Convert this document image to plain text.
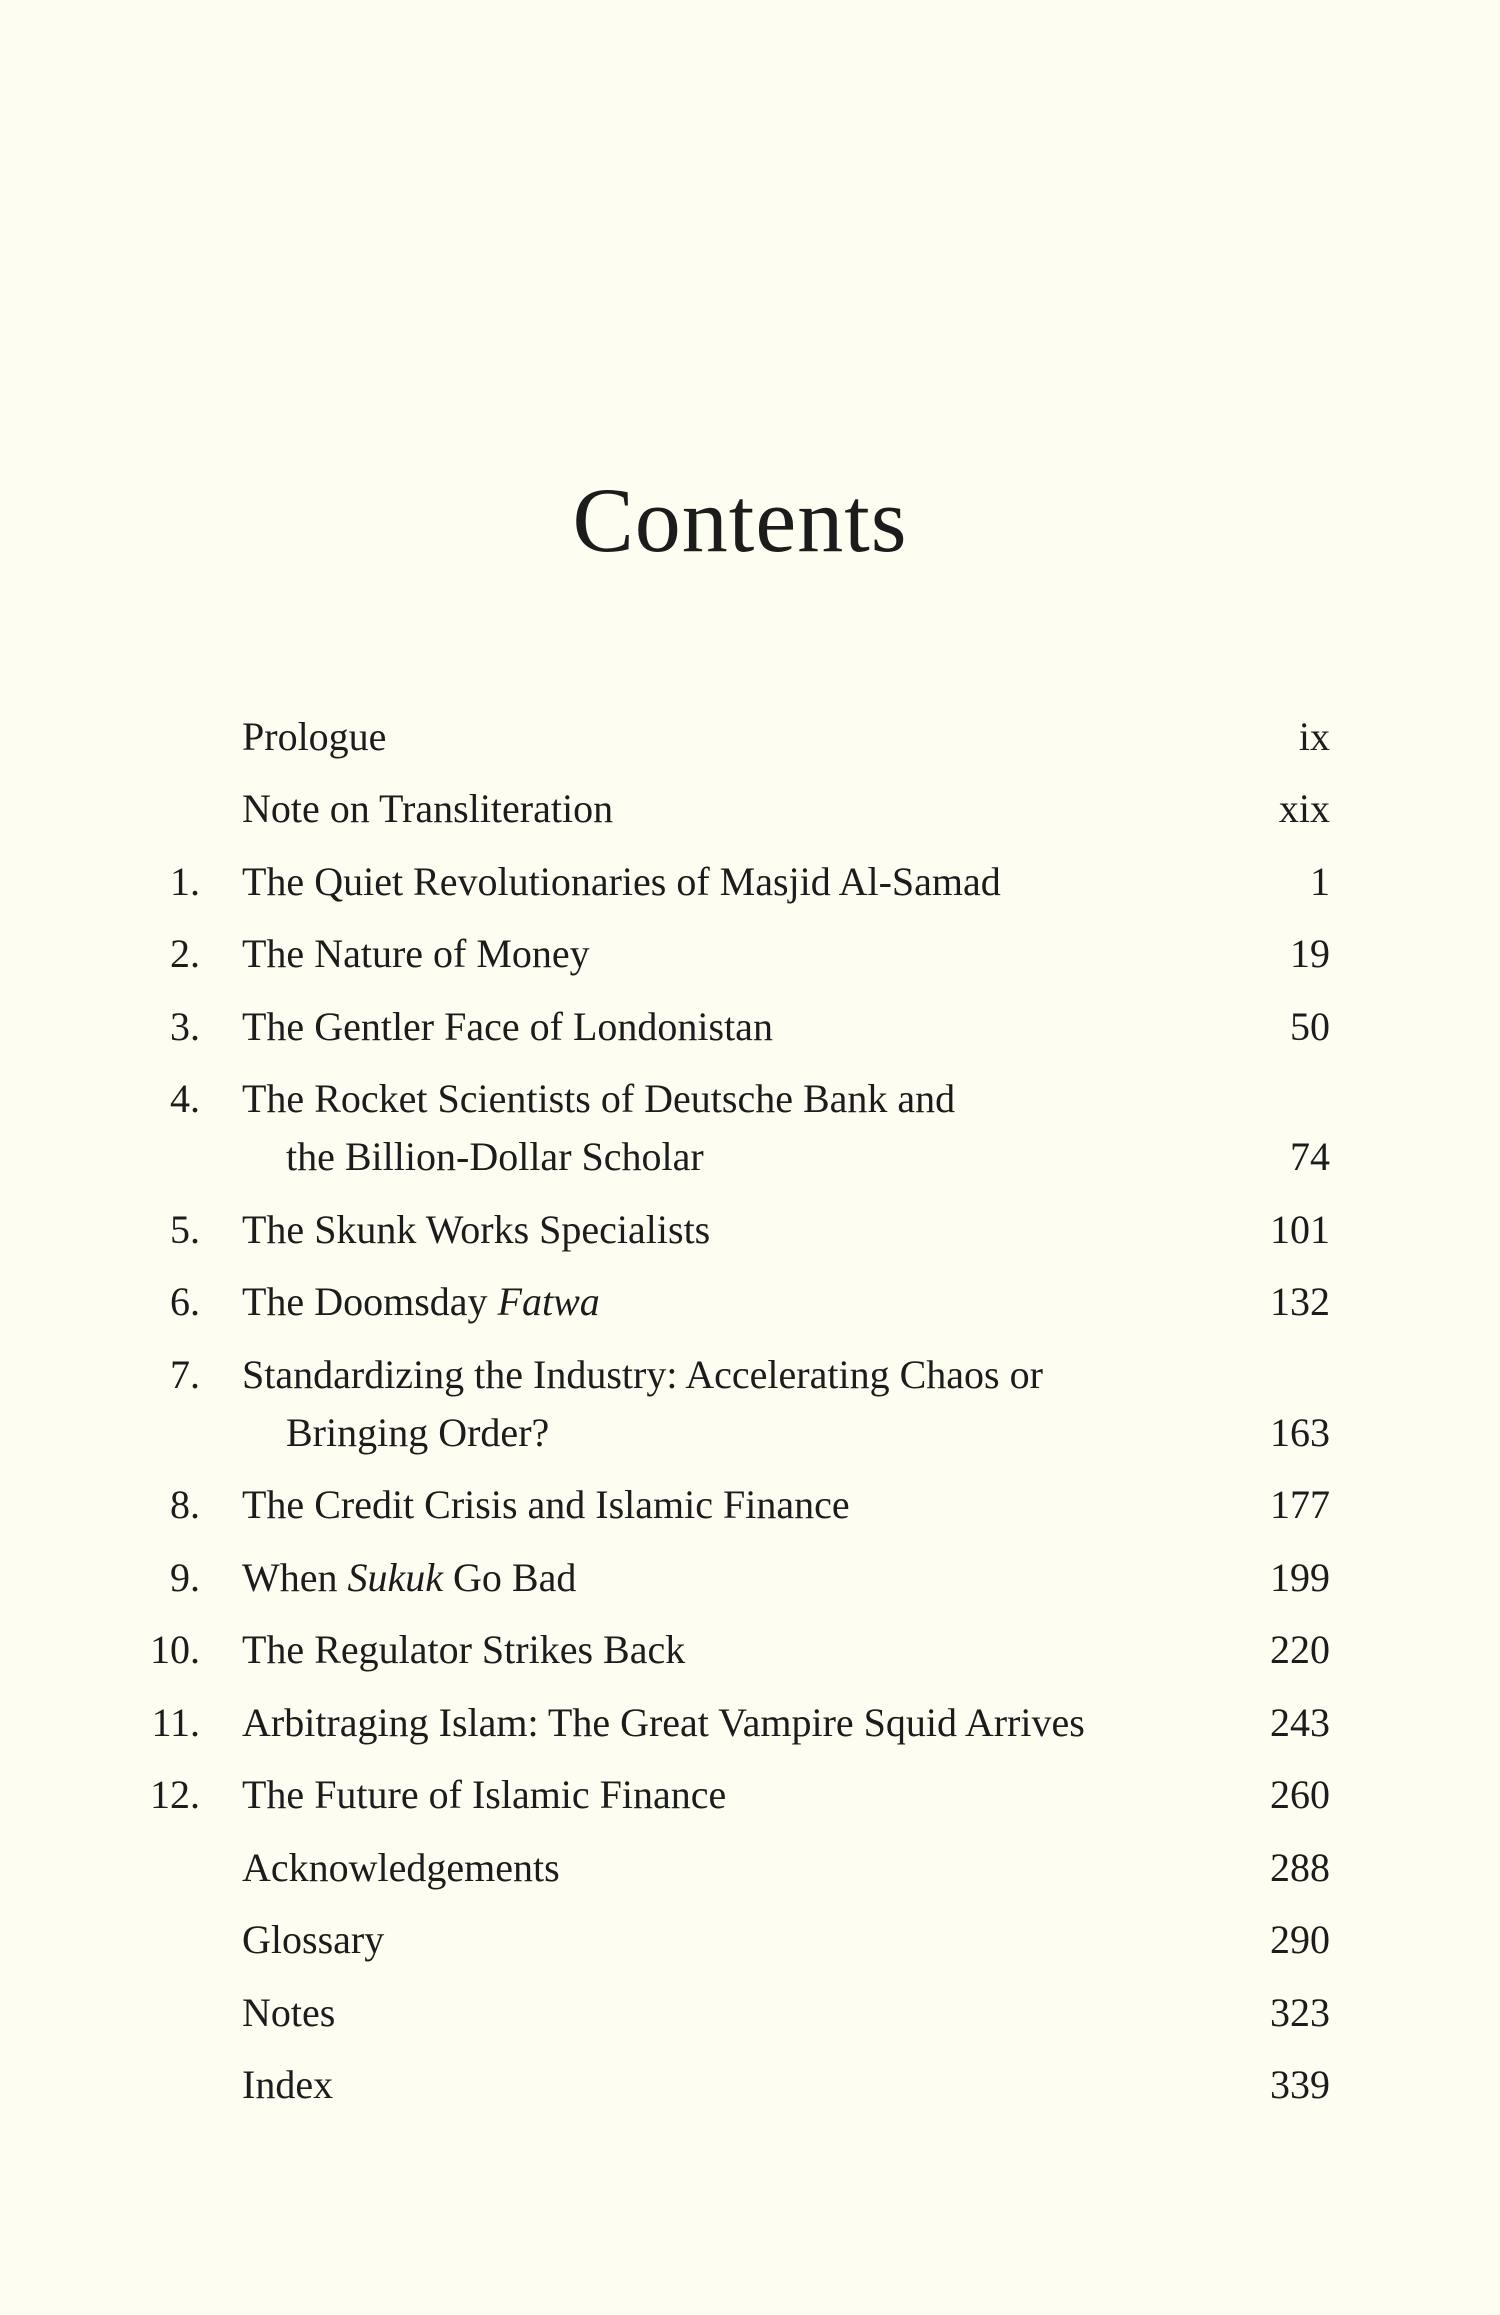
Contents
Prologue	ix
Note on Transliteration	xix
1. The Quiet Revolutionaries of Masjid Al-Samad	1
2. The Nature of Money	19
3. The Gentler Face of Londonistan	50
4. The Rocket Scientists of Deutsche Bank and
the Billion-Dollar Scholar	74
5. The Skunk Works Specialists	101
6. The Doomsday Fatwa	132
7. Standardizing the Industry: Accelerating Chaos or
Bringing Order?	163
8. The Credit Crisis and Islamic Finance	177
9. When Sukuk Go Bad	199
10. The Regulator Strikes Back	220
11. Arbitraging Islam: The Great Vampire Squid Arrives	243
12. The Future of Islamic Finance	260
Acknowledgements	288
Glossary	290
Notes	323
Index	339
